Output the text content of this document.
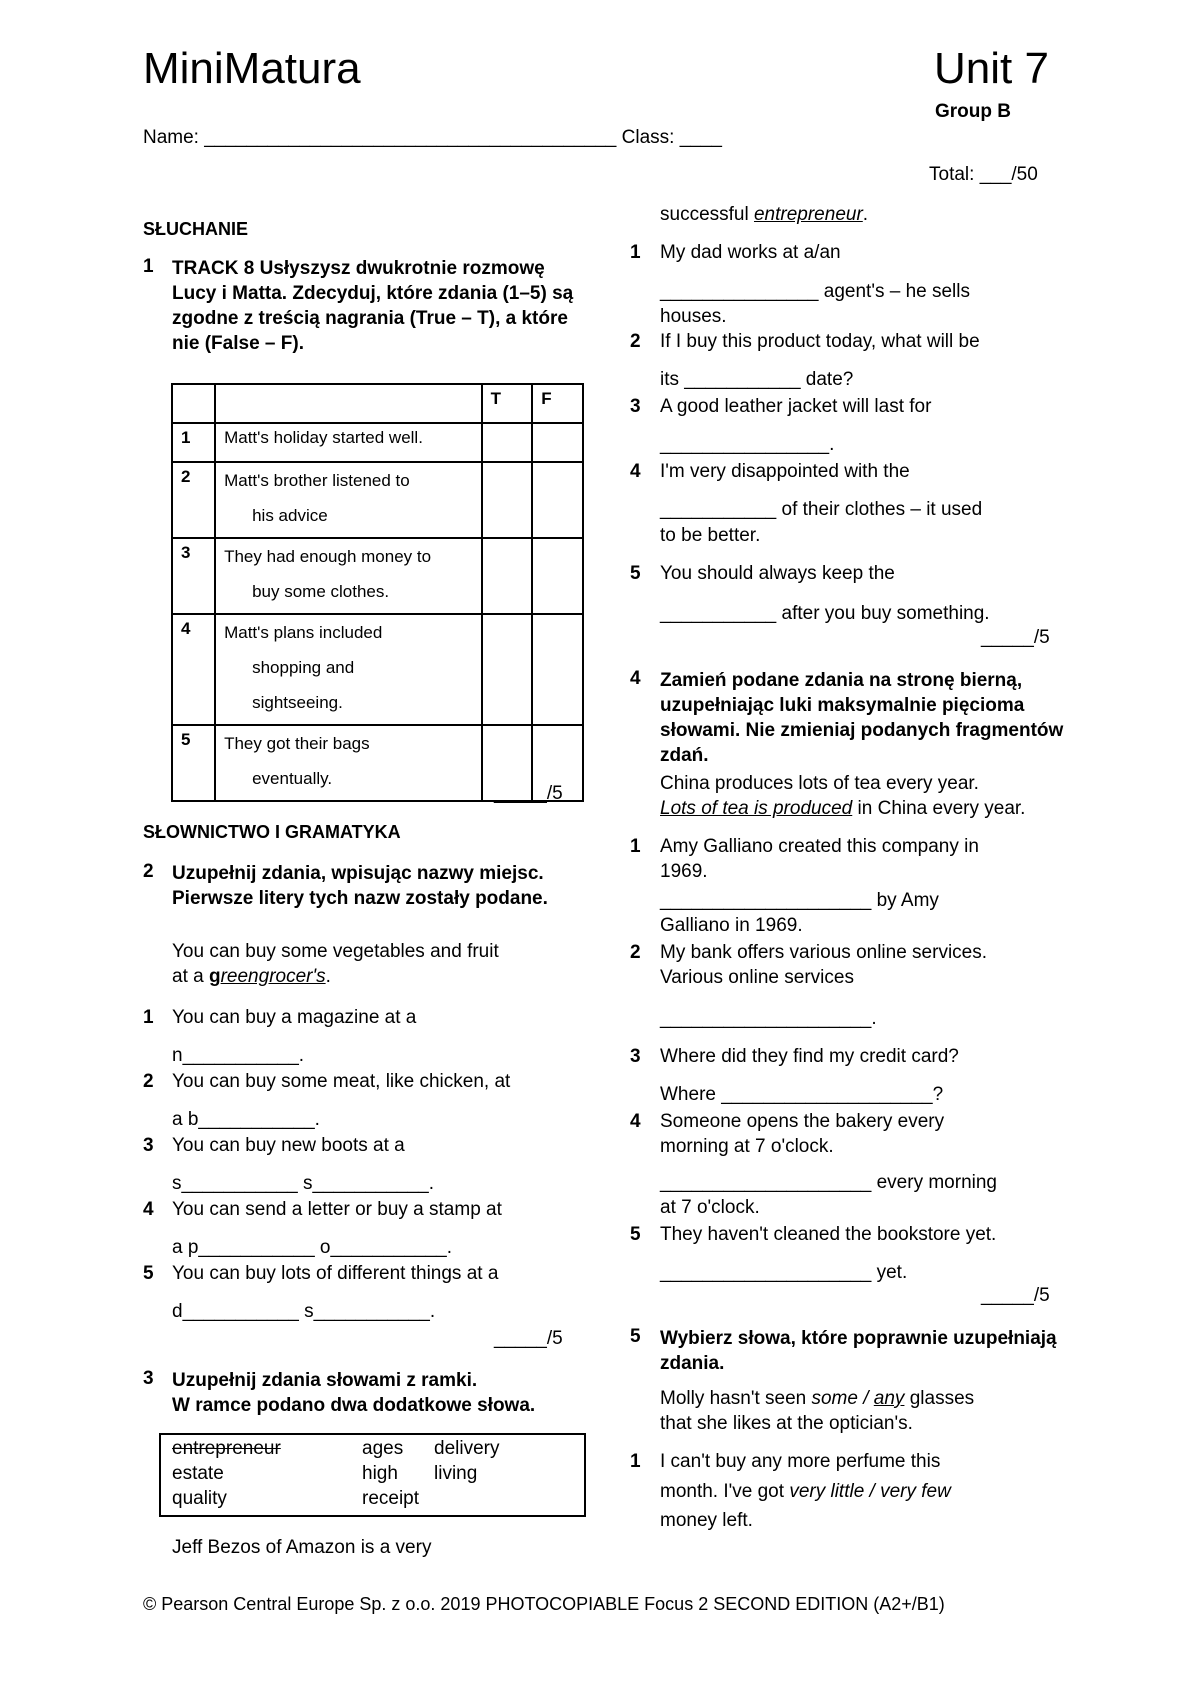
MiniMatura	Unit 7
Group B
Name: _______________________________________ Class: ____
Total: ___/50
SŁUCHANIE
1 TRACK 8 Usłyszysz dwukrotnie rozmowę Lucy i Matta. Zdecyduj, które zdania (1–5) są zgodne z treścią nagrania (True – T), a które nie (False – F).
		T	F
1	Matt's holiday started well.		
2	Matt's brother listened to
his advice		
3	They had enough money to
buy some clothes.		
4	Matt's plans included
shopping and
sightseeing.		
5	They got their bags
eventually.		
_____/5
SŁOWNICTWO I GRAMATYKA
2 Uzupełnij zdania, wpisując nazwy miejsc. Pierwsze litery tych nazw zostały podane.
You can buy some vegetables and fruit
at a greengrocer's.
1 You can buy a magazine at a
n___________.
2 You can buy some meat, like chicken, at
a b___________.
3 You can buy new boots at a
s___________ s___________.
4 You can send a letter or buy a stamp at
a p___________ o___________.
5 You can buy lots of different things at a
d___________ s___________.
_____/5
3 Uzupełnij zdania słowami z ramki.
W ramce podano dwa dodatkowe słowa.
entrepreneur	ages delivery
estate	high living
quality	receipt
Jeff Bezos of Amazon is a very
successful entrepreneur.
1 My dad works at a/an
_______________ agent's – he sells
houses.
2 If I buy this product today, what will be
its ___________ date?
3 A good leather jacket will last for
________________.
4 I'm very disappointed with the
___________ of their clothes – it used
to be better.
5 You should always keep the
___________ after you buy something.
_____/5
4 Zamień podane zdania na stronę bierną, uzupełniając luki maksymalnie pięcioma słowami. Nie zmieniaj podanych fragmentów zdań.
China produces lots of tea every year.
Lots of tea is produced in China every year.
1 Amy Galliano created this company in
1969.
____________________ by Amy
Galliano in 1969.
2 My bank offers various online services.
Various online services
____________________.
3 Where did they find my credit card?
Where ____________________?
4 Someone opens the bakery every
morning at 7 o'clock.
____________________ every morning
at 7 o'clock.
5 They haven't cleaned the bookstore yet.
____________________ yet.
_____/5
5 Wybierz słowa, które poprawnie uzupełniają zdania.
Molly hasn't seen some / any glasses
that she likes at the optician's.
1 I can't buy any more perfume this
month. I've got very little / very few
money left.
© Pearson Central Europe Sp. z o.o. 2019 PHOTOCOPIABLE Focus 2 SECOND EDITION (A2+/B1)
